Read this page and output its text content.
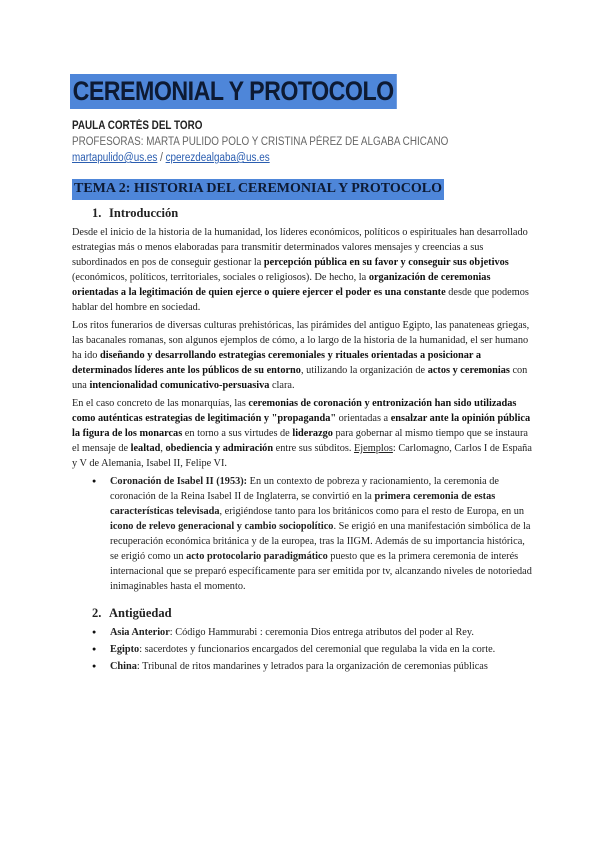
CEREMONIAL Y PROTOCOLO
PAULA CORTÉS DEL TORO
PROFESORAS: MARTA PULIDO POLO Y CRISTINA PÉREZ DE ALGABA CHICANO
martapulido@us.es / cperezdealgaba@us.es
TEMA 2: HISTORIA DEL CEREMONIAL Y PROTOCOLO
1. Introducción

Desde el inicio de la historia de la humanidad, los líderes económicos, políticos o espirituales han desarrollado estrategias más o menos elaboradas para transmitir determinados valores mensajes y creencias a sus subordinados en pos de conseguir gestionar la percepción pública en su favor y conseguir sus objetivos (económicos, políticos, territoriales, sociales o religiosos). De hecho, la organización de ceremonias orientadas a la legitimación de quien ejerce o quiere ejercer el poder es una constante desde que podemos hablar del hombre en sociedad.

Los ritos funerarios de diversas culturas prehistóricas, las pirámides del antiguo Egipto, las panateneas griegas, las bacanales romanas, son algunos ejemplos de cómo, a lo largo de la historia de la humanidad, el ser humano ha ido diseñando y desarrollando estrategias ceremoniales y rituales orientadas a posicionar a determinados líderes ante los públicos de su entorno, utilizando la organización de actos y ceremonias con una intencionalidad comunicativo-persuasiva clara.

En el caso concreto de las monarquías, las ceremonias de coronación y entronización han sido utilizadas como auténticas estrategias de legitimación y "propaganda" orientadas a ensalzar ante la opinión pública la figura de los monarcas en torno a sus virtudes de liderazgo para gobernar al mismo tiempo que se instaura el mensaje de lealtad, obediencia y admiración entre sus súbditos. Ejemplos: Carlomagno, Carlos I de España y V de Alemania, Isabel II, Felipe VI.

● Coronación de Isabel II (1953): En un contexto de pobreza y racionamiento, la ceremonia de coronación de la Reina Isabel II de Inglaterra, se convirtió en la primera ceremonia de estas características televisada, erigiéndose tanto para los británicos como para el resto de Europa, en un icono de relevo generacional y cambio sociopolítico. Se erigió en una manifestación simbólica de la recuperación económica británica y de la europea, tras la IIGM. Además de su importancia histórica, se erigió como un acto protocolario paradigmático puesto que es la primera ceremonia de interés internacional que se preparó específicamente para ser emitida por tv, alcanzando niveles de notoriedad inimaginables hasta el momento.
2. Antigüedad
● Asia Anterior: Código Hammurabi : ceremonia Dios entrega atributos del poder al Rey.
● Egipto: sacerdotes y funcionarios encargados del ceremonial que regulaba la vida en la corte.
● China: Tribunal de ritos mandarines y letrados para la organización de ceremonias públicas
